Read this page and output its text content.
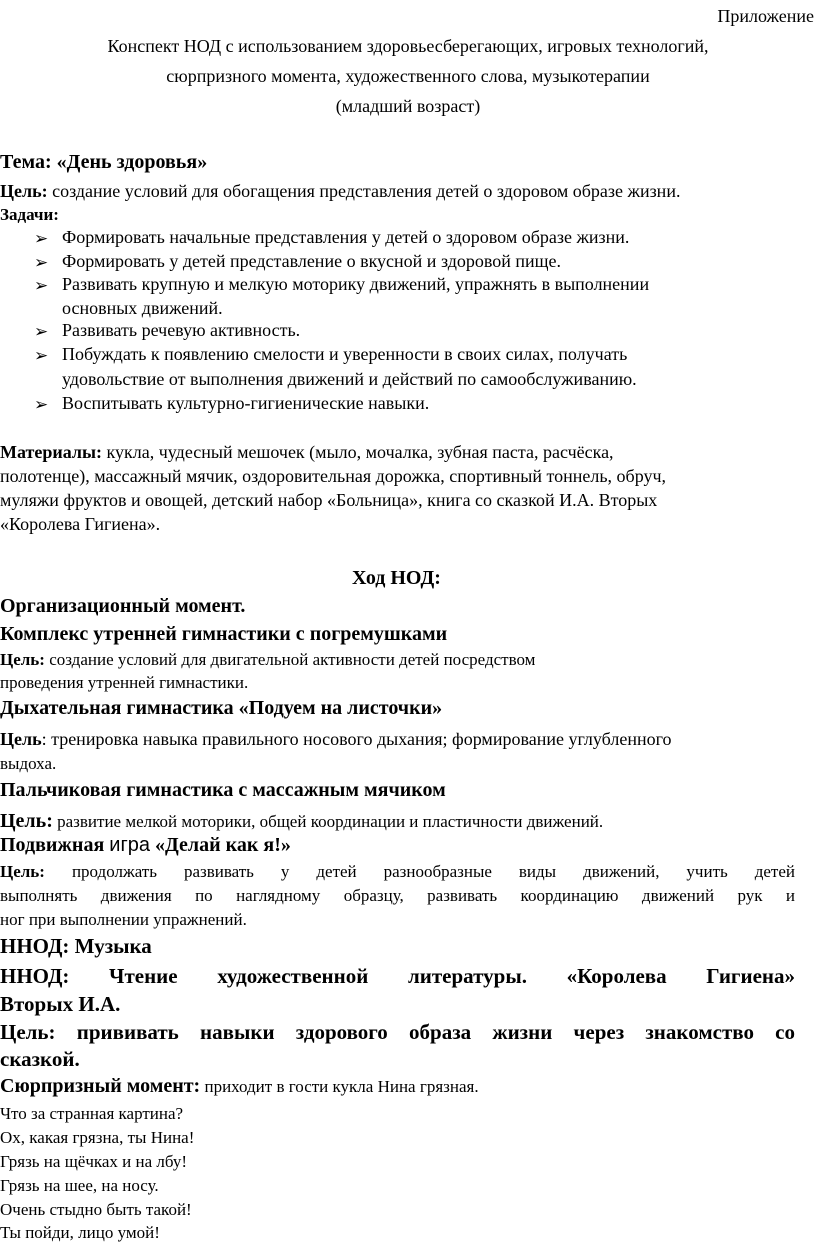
Приложение
Конспект НОД с использованием здоровьесберегающих, игровых технологий,
сюрпризного момента, художественного слова, музыкотерапии
(младший возраст)
Тема: «День здоровья»
Цель: создание условий для обогащения представления детей о здоровом образе жизни.
Задачи:
➢ Формировать начальные представления у детей о здоровом образе жизни.
➢ Формировать у детей представление о вкусной и здоровой пище.
➢ Развивать крупную и мелкую моторику движений, упражнять в выполнении
основных движений.
➢ Развивать речевую активность.
➢ Побуждать к появлению смелости и уверенности в своих силах, получать
удовольствие от выполнения движений и действий по самообслуживанию.
➢ Воспитывать культурно-гигиенические навыки.
Материалы: кукла, чудесный мешочек (мыло, мочалка, зубная паста, расчёска,
полотенце), массажный мячик, оздоровительная дорожка, спортивный тоннель, обруч,
муляжи фруктов и овощей, детский набор «Больница», книга со сказкой И.А. Вторых
«Королева Гигиена».
Ход НОД:
Организационный момент.
Комплекс утренней гимнастики с погремушками
Цель: создание условий для двигательной активности детей посредством
проведения утренней гимнастики.
Дыхательная гимнастика «Подуем на листочки»
Цель: тренировка навыка правильного носового дыхания; формирование углубленного
выдоха.
Пальчиковая гимнастика с массажным мячиком
Цель: развитие мелкой моторики, общей координации и пластичности движений.
Подвижная игра «Делай как я!»
Цель: продолжать развивать у детей разнообразные виды движений, учить детей
выполнять движения по наглядному образцу, развивать координацию движений рук и
ног при выполнении упражнений.
ННОД: Музыка
ННОД: Чтение художественной литературы. «Королева Гигиена»
Вторых И.А.
Цель: прививать навыки здорового образа жизни через знакомство со
сказкой.
Сюрпризный момент: приходит в гости кукла Нина грязная.
Что за странная картина?
Ох, какая грязна, ты Нина!
Грязь на щёчках и на лбу!
Грязь на шее, на носу.
Очень стыдно быть такой!
Ты пойди, лицо умой!
